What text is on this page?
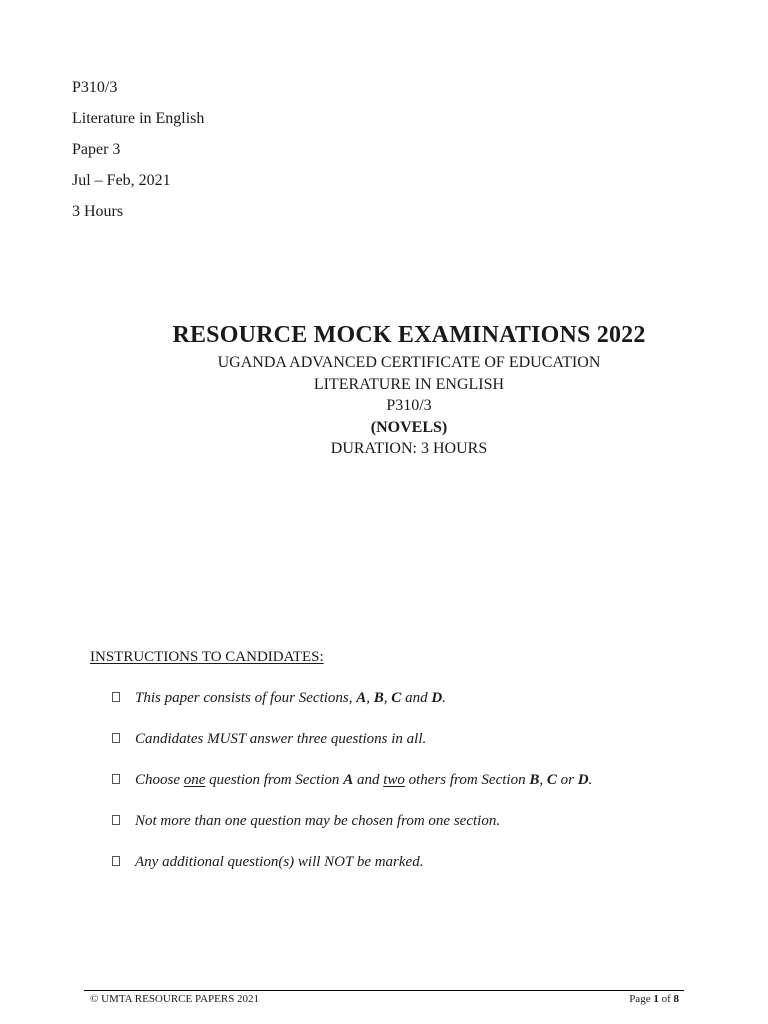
P310/3
Literature in English
Paper 3
Jul – Feb, 2021
3 Hours
RESOURCE MOCK EXAMINATIONS 2022
UGANDA ADVANCED CERTIFICATE OF EDUCATION
LITERATURE IN ENGLISH
P310/3
(NOVELS)
DURATION: 3 HOURS

INSTRUCTIONS TO CANDIDATES:

This paper consists of four Sections, A, B, C and D.
Candidates MUST answer three questions in all.
Choose one question from Section A and two others from Section B, C or D.
Not more than one question may be chosen from one section.
Any additional question(s) will NOT be marked.
© UMTA RESOURCE PAPERS 2021	Page 1 of 8
